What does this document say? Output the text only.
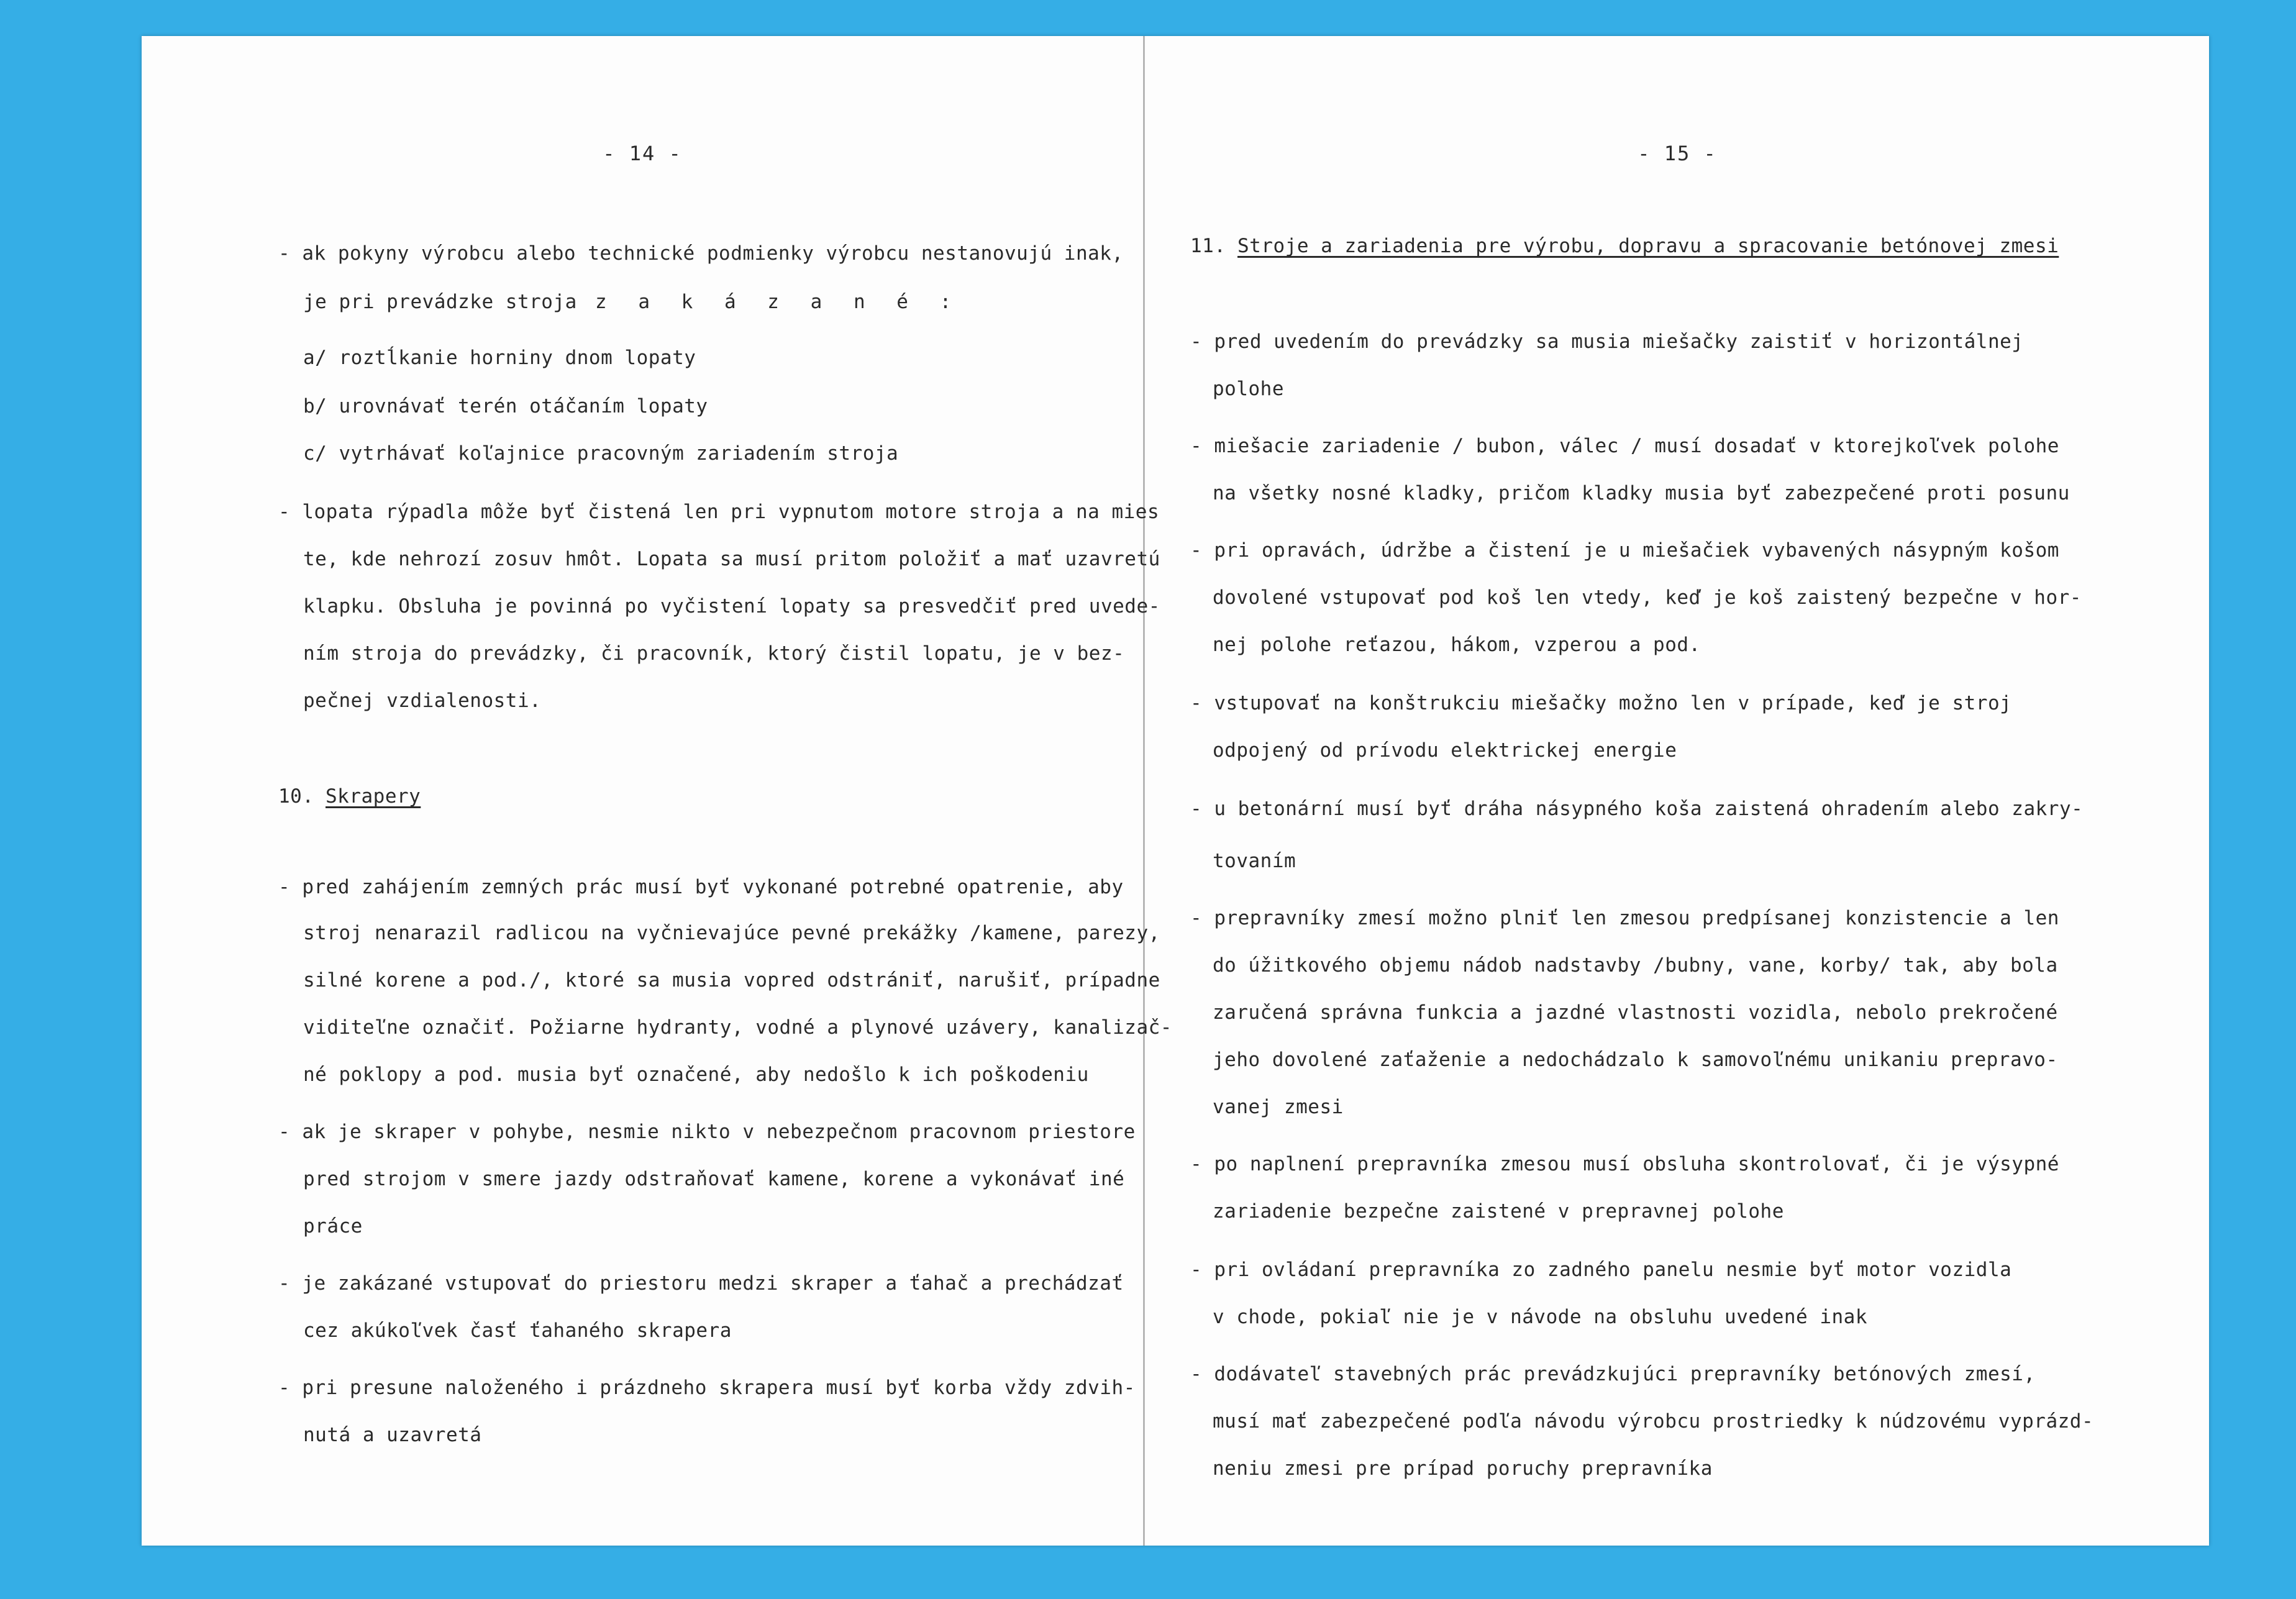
- 14 -
- ak pokyny výrobcu alebo technické podmienky výrobcu nestanovujú inak,
je pri prevádzke stroja z a k á z a n é :
a/ roztĺkanie horniny dnom lopaty
b/ urovnávať terén otáčaním lopaty
c/ vytrhávať koľajnice pracovným zariadením stroja
- lopata rýpadla môže byť čistená len pri vypnutom motore stroja a na mies
te, kde nehrozí zosuv hmôt. Lopata sa musí pritom položiť a mať uzavretú
klapku. Obsluha je povinná po vyčistení lopaty sa presvedčiť pred uvede-
ním stroja do prevádzky, či pracovník, ktorý čistil lopatu, je v bez-
pečnej vzdialenosti.
10. Skrapery
- pred zahájením zemných prác musí byť vykonané potrebné opatrenie, aby
stroj nenarazil radlicou na vyčnievajúce pevné prekážky /kamene, parezy,
silné korene a pod./, ktoré sa musia vopred odstrániť, narušiť, prípadne
viditeľne označiť. Požiarne hydranty, vodné a plynové uzávery, kanalizač-
né poklopy a pod. musia byť označené, aby nedošlo k ich poškodeniu
- ak je skraper v pohybe, nesmie nikto v nebezpečnom pracovnom priestore
pred strojom v smere jazdy odstraňovať kamene, korene a vykonávať iné
práce
- je zakázané vstupovať do priestoru medzi skraper a ťahač a prechádzať
cez akúkoľvek časť ťahaného skrapera
- pri presune naloženého i prázdneho skrapera musí byť korba vždy zdvih-
nutá a uzavretá
- 15 -
11. Stroje a zariadenia pre výrobu, dopravu a spracovanie betónovej zmesi
- pred uvedením do prevádzky sa musia miešačky zaistiť v horizontálnej
polohe
- miešacie zariadenie / bubon, válec / musí dosadať v ktorejkoľvek polohe
na všetky nosné kladky, pričom kladky musia byť zabezpečené proti posunu
- pri opravách, údržbe a čistení je u miešačiek vybavených násypným košom
dovolené vstupovať pod koš len vtedy, keď je koš zaistený bezpečne v hor-
nej polohe reťazou, hákom, vzperou a pod.
- vstupovať na konštrukciu miešačky možno len v prípade, keď je stroj
odpojený od prívodu elektrickej energie
- u betonární musí byť dráha násypného koša zaistená ohradením alebo zakry-
tovaním
- prepravníky zmesí možno plniť len zmesou predpísanej konzistencie a len
do úžitkového objemu nádob nadstavby /bubny, vane, korby/ tak, aby bola
zaručená správna funkcia a jazdné vlastnosti vozidla, nebolo prekročené
jeho dovolené zaťaženie a nedochádzalo k samovoľnému unikaniu prepravo-
vanej zmesi
- po naplnení prepravníka zmesou musí obsluha skontrolovať, či je výsypné
zariadenie bezpečne zaistené v prepravnej polohe
- pri ovládaní prepravníka zo zadného panelu nesmie byť motor vozidla
v chode, pokiaľ nie je v návode na obsluhu uvedené inak
- dodávateľ stavebných prác prevádzkujúci prepravníky betónových zmesí,
musí mať zabezpečené podľa návodu výrobcu prostriedky k núdzovému vyprázd-
neniu zmesi pre prípad poruchy prepravníka
